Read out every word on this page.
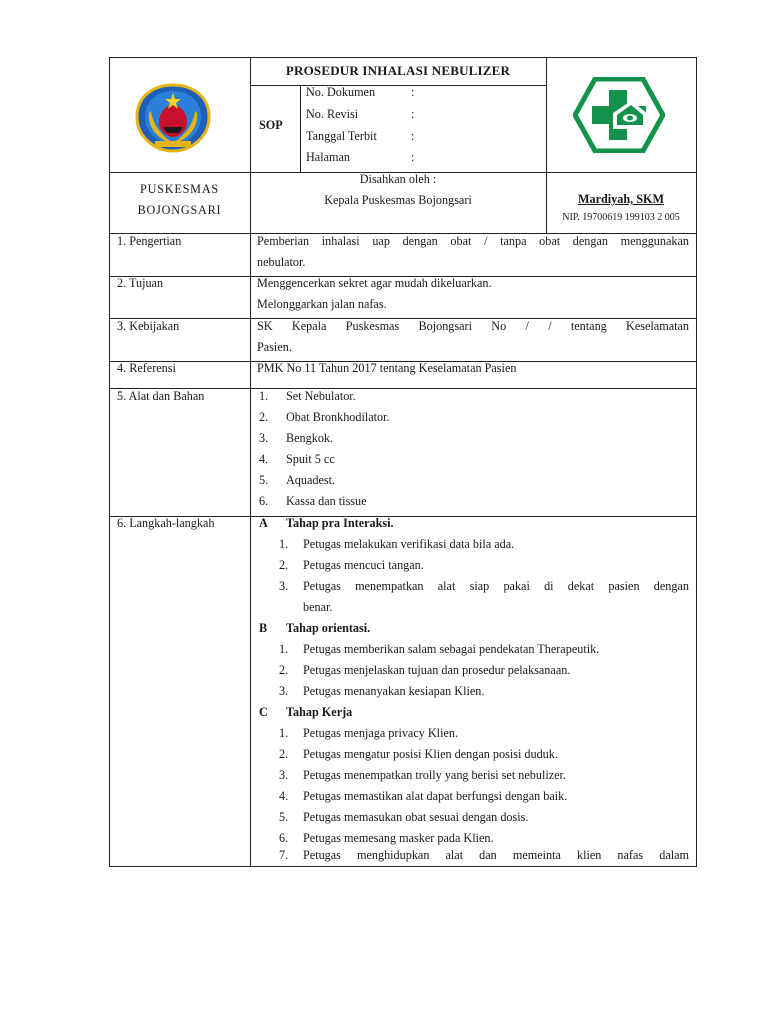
PROSEDUR INHALASI NEBULIZER
SOP
No. Dokumen	:
No. Revisi	:
Tanggal Terbit	:
Halaman	:
PUSKESMAS
BOJONGSARI
Disahkan oleh :
Kepala Puskesmas Bojongsari	Mardiyah, SKM
NIP. 19700619 199103 2 005
1. Pengertian	Pemberian inhalasi uap dengan obat / tanpa obat dengan menggunakan
nebulator.
2. Tujuan	Menggencerkan sekret agar mudah dikeluarkan.
Melonggarkan jalan nafas.
3. Kebijakan	SK Kepala Puskesmas Bojongsari No / / tentang Keselamatan
Pasien.
4. Referensi	PMK No 11 Tahun 2017 tentang Keselamatan Pasien
5. Alat dan Bahan	1. Set Nebulator.
2. Obat Bronkhodilator.
3. Bengkok.
4. Spuit 5 cc
5. Aquadest.
6. Kassa dan tissue
6. Langkah-langkah	A Tahap pra Interaksi.
1. Petugas melakukan verifikasi data bila ada.
2. Petugas mencuci tangan.
3. Petugas menempatkan alat siap pakai di dekat pasien dengan
benar.
B Tahap orientasi.
1. Petugas memberikan salam sebagai pendekatan Therapeutik.
2. Petugas menjelaskan tujuan dan prosedur pelaksanaan.
3. Petugas menanyakan kesiapan Klien.
C Tahap Kerja
1. Petugas menjaga privacy Klien.
2. Petugas mengatur posisi Klien dengan posisi duduk.
3. Petugas menempatkan trolly yang berisi set nebulizer.
4. Petugas memastikan alat dapat berfungsi dengan baik.
5. Petugas memasukan obat sesuai dengan dosis.
6. Petugas memesang masker pada Klien.
7. Petugas menghidupkan alat dan memeinta klien nafas dalam
